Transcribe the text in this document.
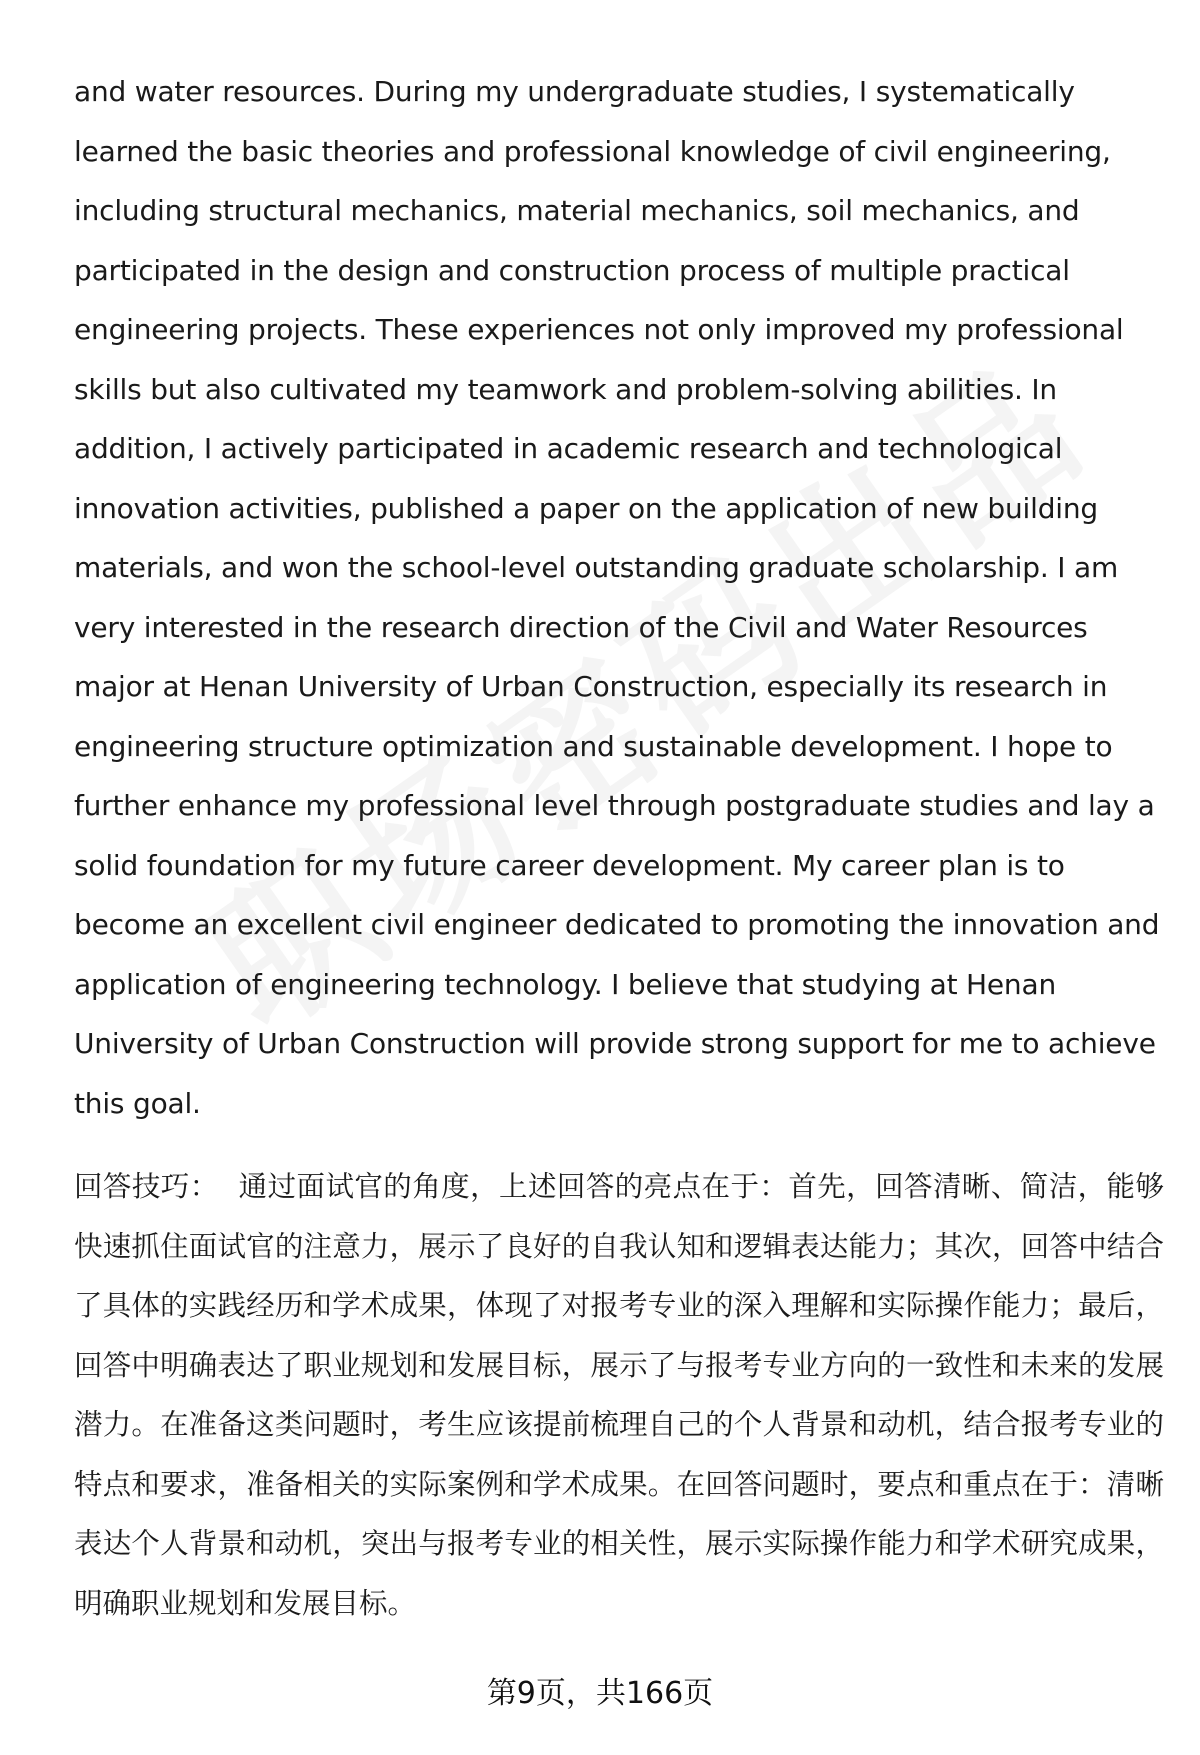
and water resources. During my undergraduate studies, I systematically learned the basic theories and professional knowledge of civil engineering, including structural mechanics, material mechanics, soil mechanics, and participated in the design and construction process of multiple practical engineering projects. These experiences not only improved my professional skills but also cultivated my teamwork and problem-solving abilities. In addition, I actively participated in academic research and technological innovation activities, published a paper on the application of new building materials, and won the school-level outstanding graduate scholarship. I am very interested in the research direction of the Civil and Water Resources major at Henan University of Urban Construction, especially its research in engineering structure optimization and sustainable development. I hope to further enhance my professional level through postgraduate studies and lay a solid foundation for my future career development. My career plan is to become an excellent civil engineer dedicated to promoting the innovation and application of engineering technology. I believe that studying at Henan University of Urban Construction will provide strong support for me to achieve this goal.

回答技巧： 通过面试官的角度，上述回答的亮点在于：首先，回答清晰、简洁，能够快速抓住面试官的注意力，展示了良好的自我认知和逻辑表达能力；其次，回答中结合了具体的实践经历和学术成果，体现了对报考专业的深入理解和实际操作能力；最后，回答中明确表达了职业规划和发展目标，展示了与报考专业方向的一致性和未来的发展潜力。在准备这类问题时，考生应该提前梳理自己的个人背景和动机，结合报考专业的特点和要求，准备相关的实际案例和学术成果。在回答问题时，要点和重点在于：清晰表达个人背景和动机，突出与报考专业的相关性，展示实际操作能力和学术研究成果，明确职业规划和发展目标。
第9页，共166页
